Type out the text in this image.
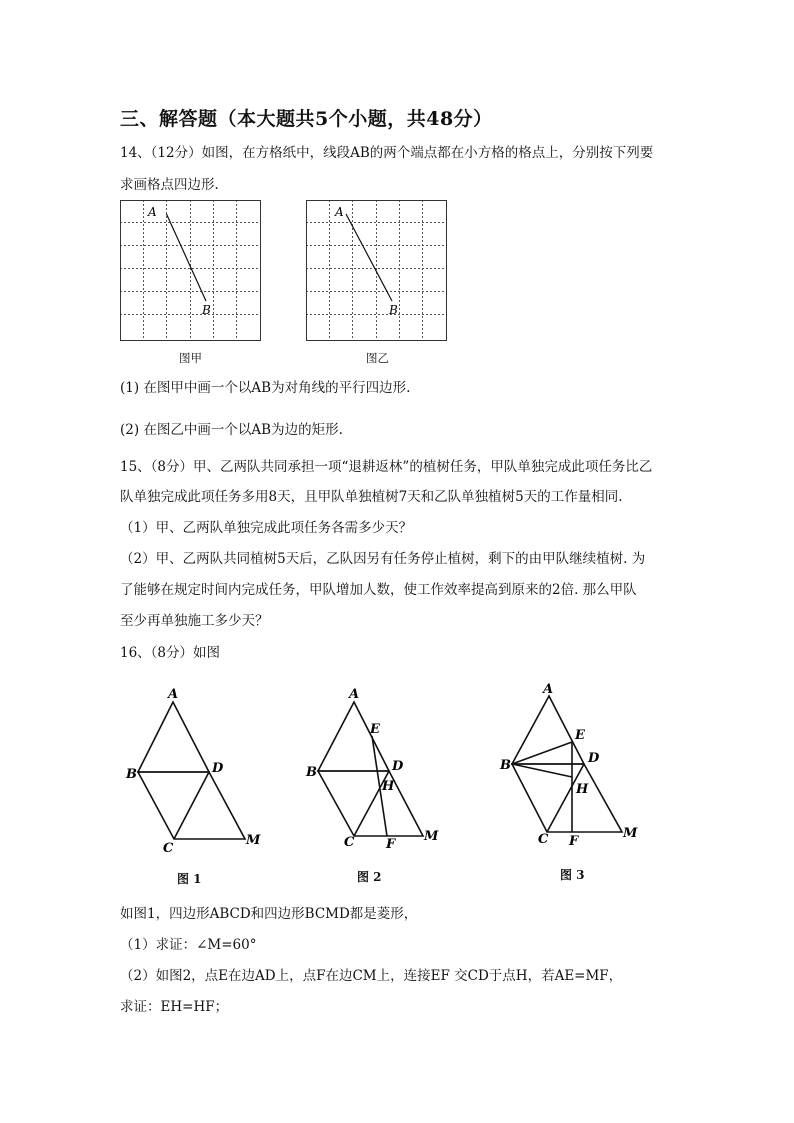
三、解答题（本大题共5个小题，共48分）
14、（12分）如图，在方格纸中，线段AB的两个端点都在小方格的格点上，分别按下列要
求画格点四边形.
A
B
A
B
图甲	图乙
(1) 在图甲中画一个以AB为对角线的平行四边形.
(2) 在图乙中画一个以AB为边的矩形.
15、（8分）甲、乙两队共同承担一项“退耕返林”的植树任务，甲队单独完成此项任务比乙
队单独完成此项任务多用8天，且甲队单独植树7天和乙队单独植树5天的工作量相同.
（1）甲、乙两队单独完成此项任务各需多少天？
（2）甲、乙两队共同植树5天后，乙队因另有任务停止植树，剩下的由甲队继续植树. 为
了能够在规定时间内完成任务，甲队增加人数，使工作效率提高到原来的2倍. 那么甲队
至少再单独施工多少天？
16、（8分）如图
A
B	D
C
M
A
E
B	D
H
C F
M
A
E
B	D
H
C F
M
图 1	图 2	图 3
如图1，四边形ABCD和四边形BCMD都是菱形，
（1）求证：∠M=60°
（2）如图2，点E在边AD上，点F在边CM上，连接EF 交CD于点H，若AE=MF，
求证：EH=HF；
